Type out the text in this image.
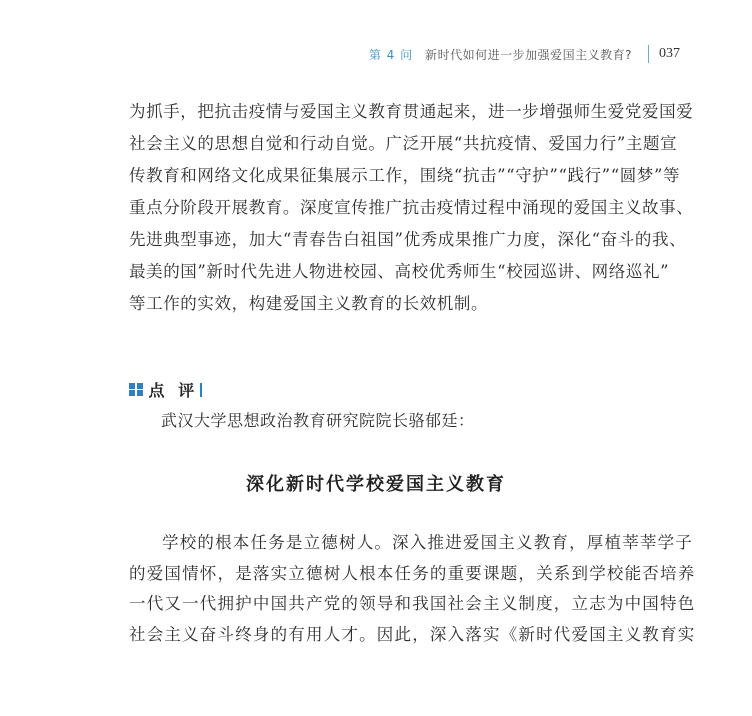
第 4 问 新时代如何进一步加强爱国主义教育? 037
为抓手，把抗击疫情与爱国主义教育贯通起来，进一步增强师生爱党爱国爱
社会主义的思想自觉和行动自觉。广泛开展“共抗疫情、爱国力行”主题宣
传教育和网络文化成果征集展示工作，围绕“抗击”“守护”“践行”“圆梦”等
重点分阶段开展教育。深度宣传推广抗击疫情过程中涌现的爱国主义故事、
先进典型事迹，加大“青春告白祖国”优秀成果推广力度，深化“奋斗的我、
最美的国”新时代先进人物进校园、高校优秀师生“校园巡讲、网络巡礼”
等工作的实效，构建爱国主义教育的长效机制。
点 评
武汉大学思想政治教育研究院院长骆郁廷：
深化新时代学校爱国主义教育
学校的根本任务是立德树人。深入推进爱国主义教育，厚植莘莘学子
的爱国情怀，是落实立德树人根本任务的重要课题，关系到学校能否培养
一代又一代拥护中国共产党的领导和我国社会主义制度，立志为中国特色
社会主义奋斗终身的有用人才。因此，深入落实《新时代爱国主义教育实
